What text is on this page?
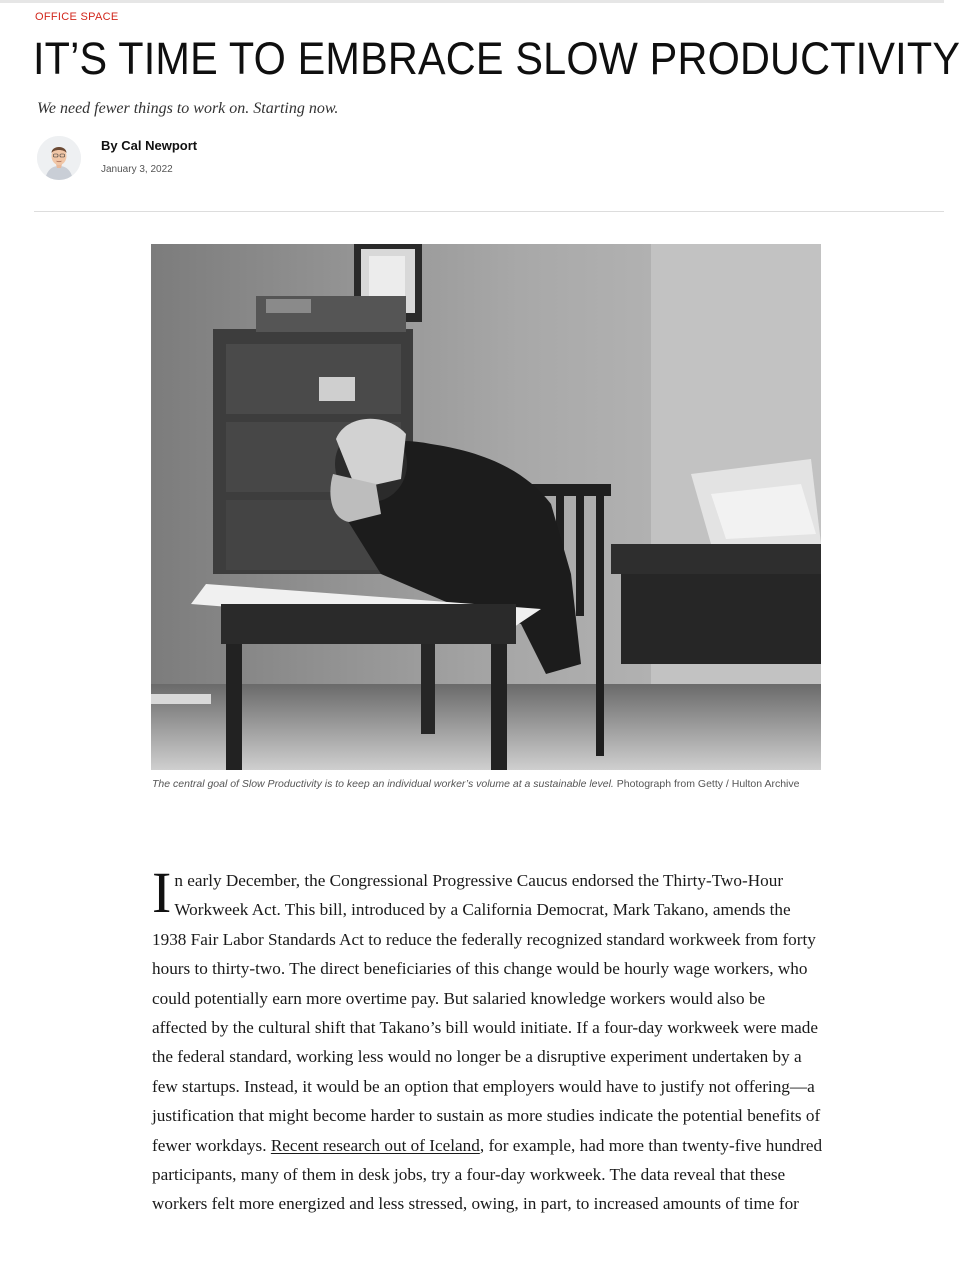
OFFICE SPACE
IT’S TIME TO EMBRACE SLOW PRODUCTIVITY
We need fewer things to work on. Starting now.
By Cal Newport
January 3, 2022
The central goal of Slow Productivity is to keep an individual worker’s volume at a sustainable level. Photograph from Getty / Hulton Archive

In early December, the Congressional Progressive Caucus endorsed the Thirty-Two-Hour Workweek Act. This bill, introduced by a California Democrat, Mark Takano, amends the 1938 Fair Labor Standards Act to reduce the federally recognized standard workweek from forty hours to thirty-two. The direct beneficiaries of this change would be hourly wage workers, who could potentially earn more overtime pay. But salaried knowledge workers would also be affected by the cultural shift that Takano’s bill would initiate. If a four-day workweek were made the federal standard, working less would no longer be a disruptive experiment undertaken by a few startups. Instead, it would be an option that employers would have to justify not offering—a justification that might become harder to sustain as more studies indicate the potential benefits of fewer workdays. Recent research out of Iceland, for example, had more than twenty-five hundred participants, many of them in desk jobs, try a four-day workweek. The data reveal that these workers felt more energized and less stressed, owing, in part, to increased amounts of time for
